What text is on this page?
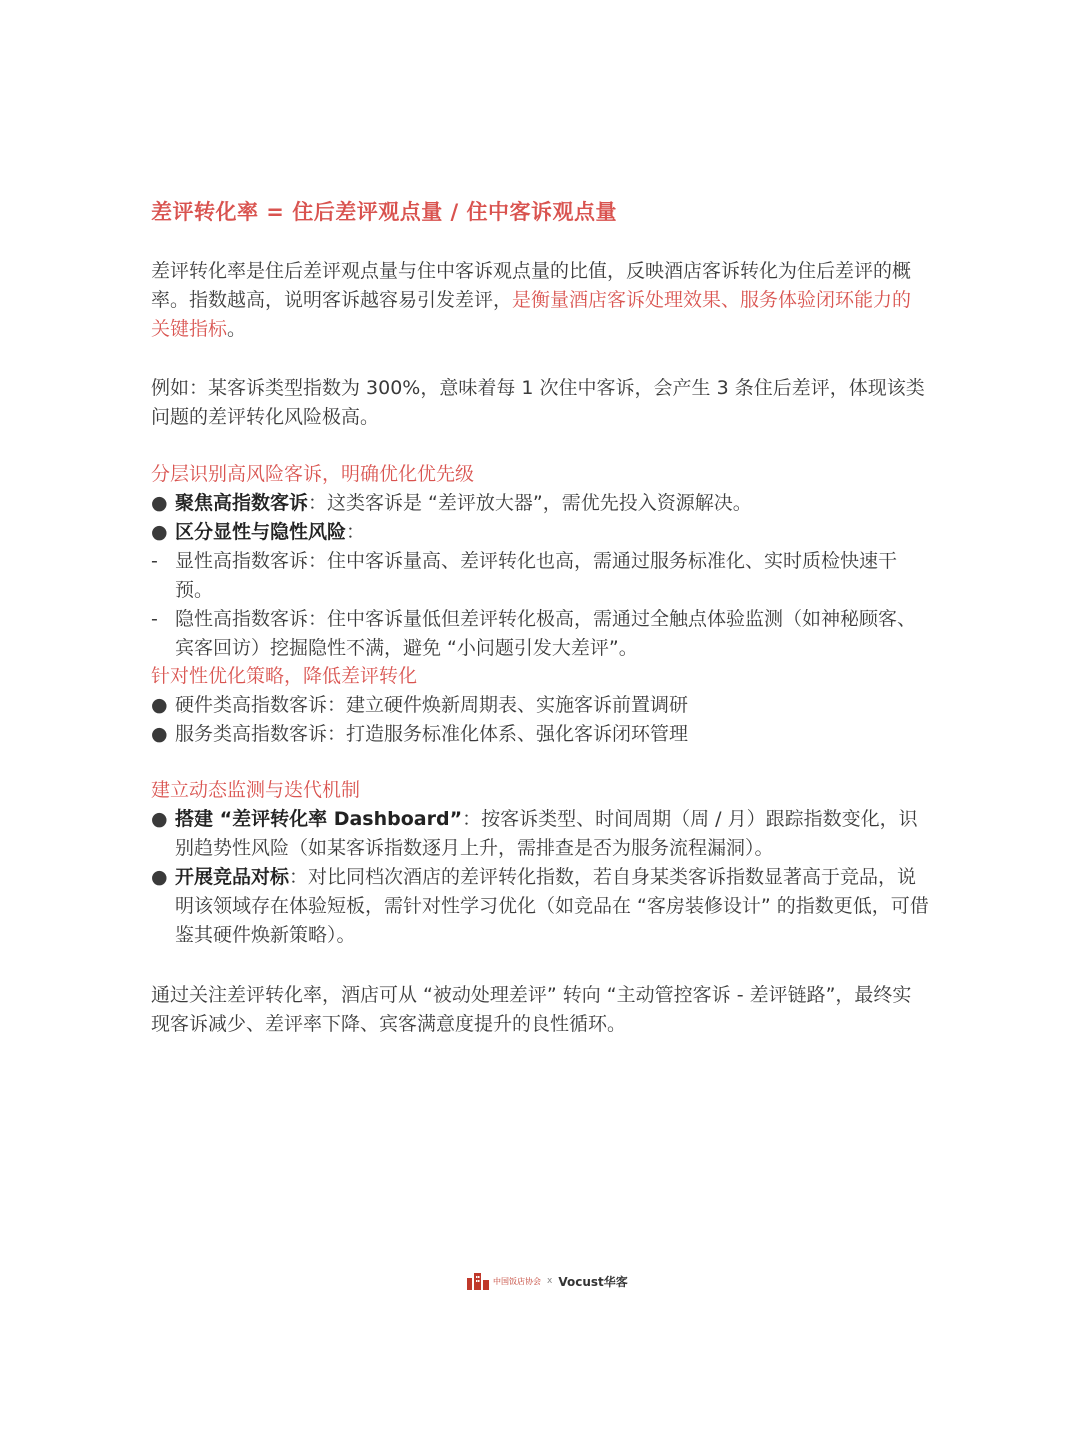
差评转化率 = 住后差评观点量 / 住中客诉观点量
差评转化率是住后差评观点量与住中客诉观点量的比值，反映酒店客诉转化为住后差评的概率。指数越高，说明客诉越容易引发差评，是衡量酒店客诉处理效果、服务体验闭环能力的关键指标。
例如：某客诉类型指数为 300%，意味着每 1 次住中客诉，会产生 3 条住后差评，体现该类问题的差评转化风险极高。
分层识别高风险客诉，明确优化优先级
● 聚焦高指数客诉：这类客诉是 “差评放大器”，需优先投入资源解决。
● 区分显性与隐性风险：
- 显性高指数客诉：住中客诉量高、差评转化也高，需通过服务标准化、实时质检快速干预。
- 隐性高指数客诉：住中客诉量低但差评转化极高，需通过全触点体验监测（如神秘顾客、宾客回访）挖掘隐性不满，避免 “小问题引发大差评”。
针对性优化策略，降低差评转化
● 硬件类高指数客诉：建立硬件焕新周期表、实施客诉前置调研
● 服务类高指数客诉：打造服务标准化体系、强化客诉闭环管理
建立动态监测与迭代机制
● 搭建 “差评转化率 Dashboard”：按客诉类型、时间周期（周 / 月）跟踪指数变化，识别趋势性风险（如某客诉指数逐月上升，需排查是否为服务流程漏洞）。
● 开展竞品对标：对比同档次酒店的差评转化指数，若自身某类客诉指数显著高于竞品，说明该领域存在体验短板，需针对性学习优化（如竞品在 “客房装修设计” 的指数更低，可借鉴其硬件焕新策略）。
通过关注差评转化率，酒店可从 “被动处理差评” 转向 “主动管控客诉 - 差评链路”，最终实现客诉减少、差评率下降、宾客满意度提升的良性循环。
中国饭店协会 x Vocust华客
